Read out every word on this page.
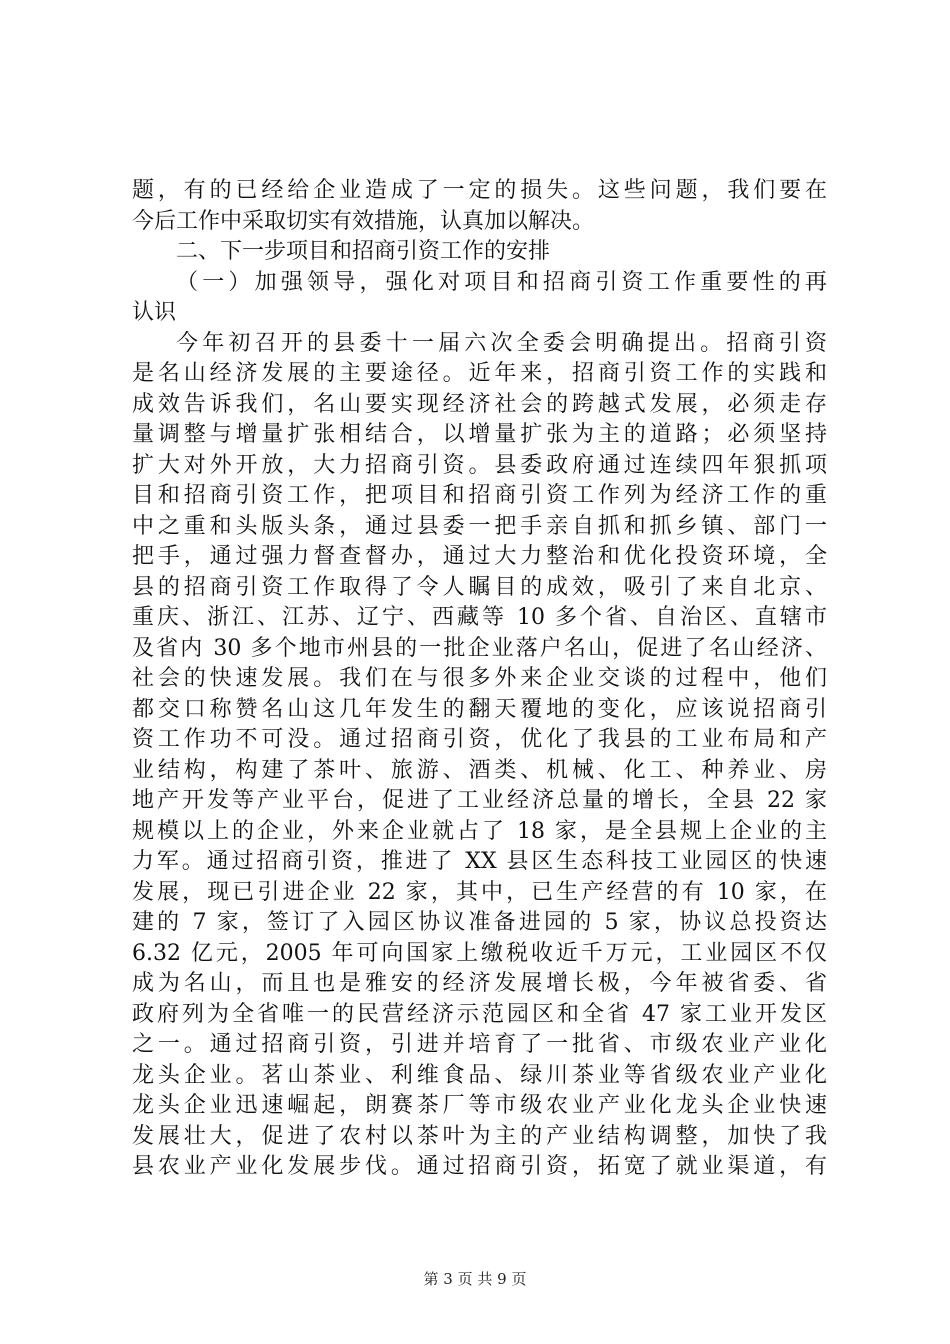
题，有的已经给企业造成了一定的损失。这些问题，我们要在
今后工作中采取切实有效措施，认真加以解决。
二、下一步项目和招商引资工作的安排
（一）加强领导，强化对项目和招商引资工作重要性的再
认识
今年初召开的县委十一届六次全委会明确提出。招商引资
是名山经济发展的主要途径。近年来，招商引资工作的实践和
成效告诉我们，名山要实现经济社会的跨越式发展，必须走存
量调整与增量扩张相结合，以增量扩张为主的道路；必须坚持
扩大对外开放，大力招商引资。县委政府通过连续四年狠抓项
目和招商引资工作，把项目和招商引资工作列为经济工作的重
中之重和头版头条，通过县委一把手亲自抓和抓乡镇、部门一
把手，通过强力督查督办，通过大力整治和优化投资环境，全
县的招商引资工作取得了令人瞩目的成效，吸引了来自北京、
重庆、浙江、江苏、辽宁、西藏等 10 多个省、自治区、直辖市
及省内 30 多个地市州县的一批企业落户名山，促进了名山经济、
社会的快速发展。我们在与很多外来企业交谈的过程中，他们
都交口称赞名山这几年发生的翻天覆地的变化，应该说招商引
资工作功不可没。通过招商引资，优化了我县的工业布局和产
业结构，构建了茶叶、旅游、酒类、机械、化工、种养业、房
地产开发等产业平台，促进了工业经济总量的增长，全县 22 家
规模以上的企业，外来企业就占了 18 家，是全县规上企业的主
力军。通过招商引资，推进了 XX 县区生态科技工业园区的快速
发展，现已引进企业 22 家，其中，已生产经营的有 10 家，在
建的 7 家，签订了入园区协议准备进园的 5 家，协议总投资达
6.32 亿元，2005 年可向国家上缴税收近千万元，工业园区不仅
成为名山，而且也是雅安的经济发展增长极，今年被省委、省
政府列为全省唯一的民营经济示范园区和全省 47 家工业开发区
之一。通过招商引资，引进并培育了一批省、市级农业产业化
龙头企业。茗山茶业、利维食品、绿川茶业等省级农业产业化
龙头企业迅速崛起，朗赛茶厂等市级农业产业化龙头企业快速
发展壮大，促进了农村以茶叶为主的产业结构调整，加快了我
县农业产业化发展步伐。通过招商引资，拓宽了就业渠道，有
第 3 页 共 9 页
